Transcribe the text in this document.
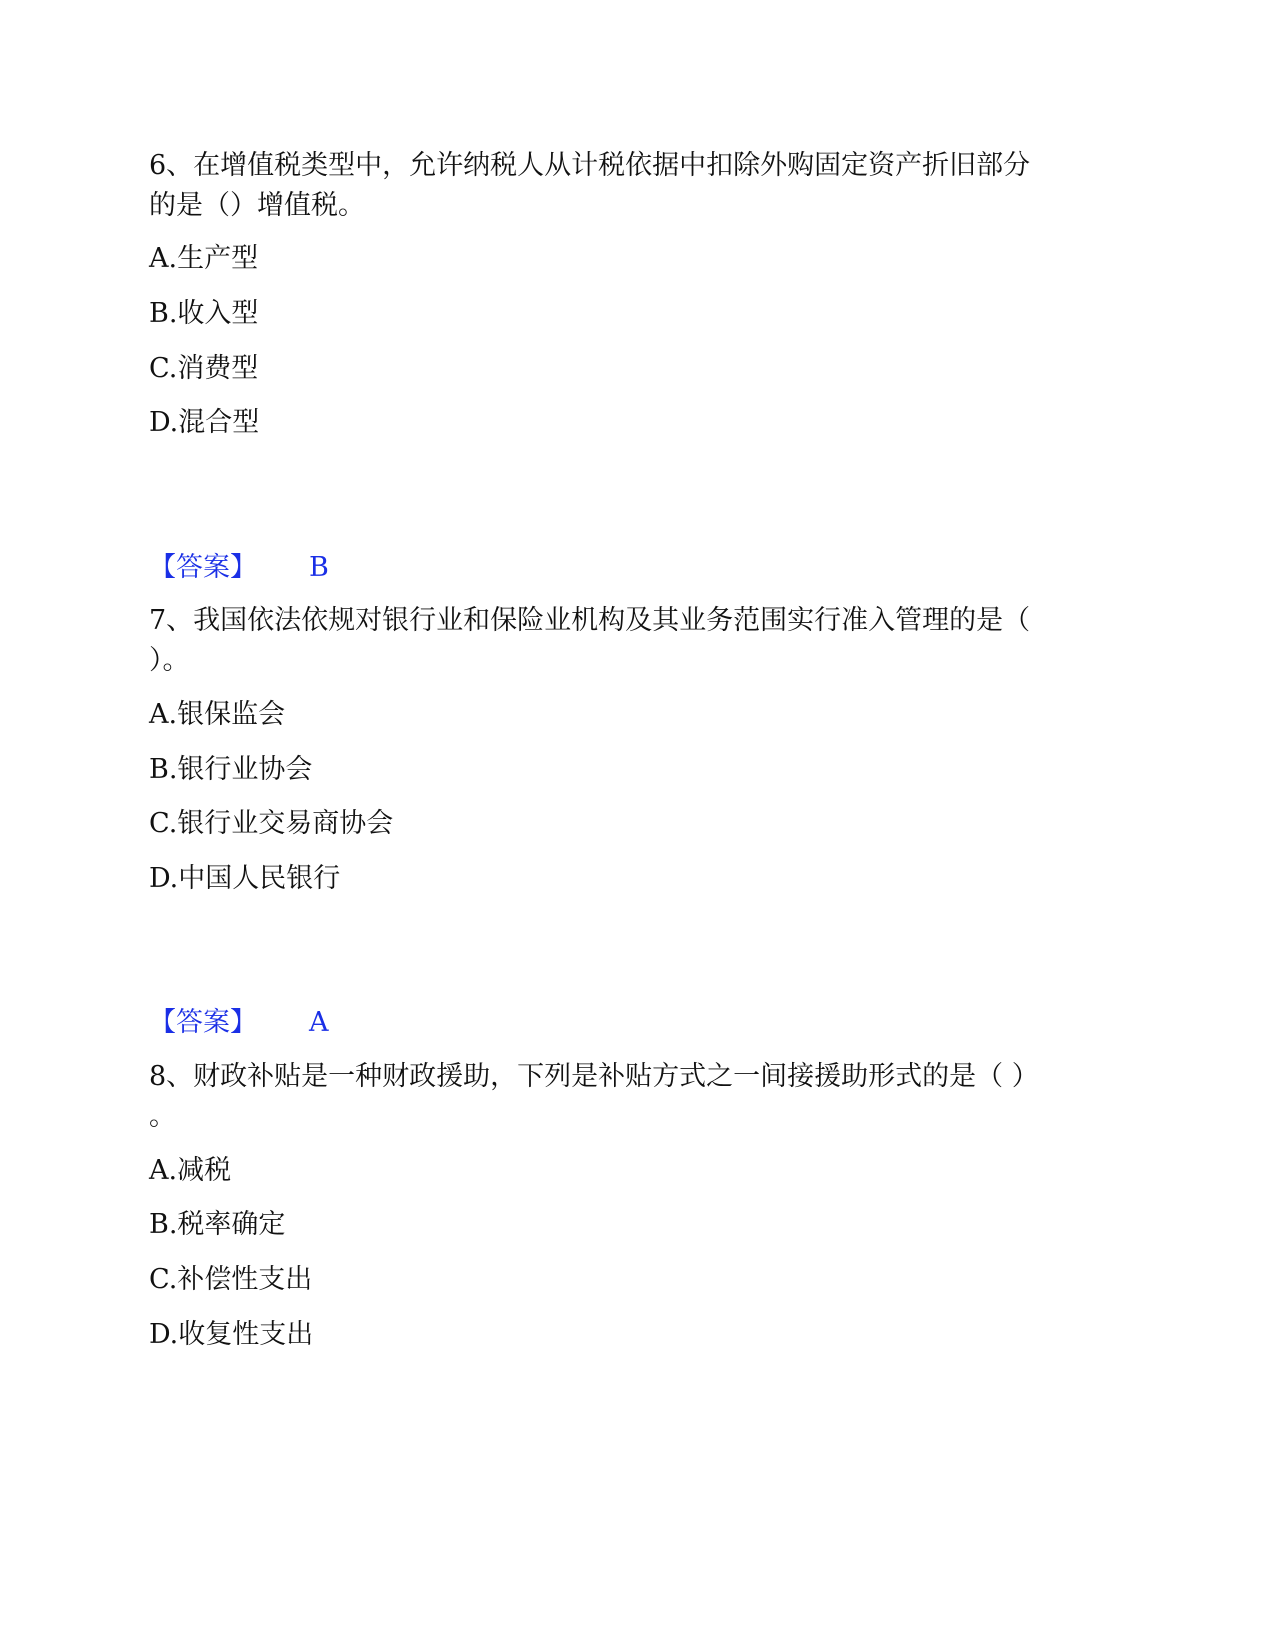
6、在增值税类型中，允许纳税人从计税依据中扣除外购固定资产折旧部分
的是（）增值税。
A.生产型
B.收入型
C.消费型
D.混合型
【答案】 B
7、我国依法依规对银行业和保险业机构及其业务范围实行准入管理的是（
）。
A.银保监会
B.银行业协会
C.银行业交易商协会
D.中国人民银行
【答案】 A
8、财政补贴是一种财政援助，下列是补贴方式之一间接援助形式的是（ ）
。
A.减税
B.税率确定
C.补偿性支出
D.收复性支出
